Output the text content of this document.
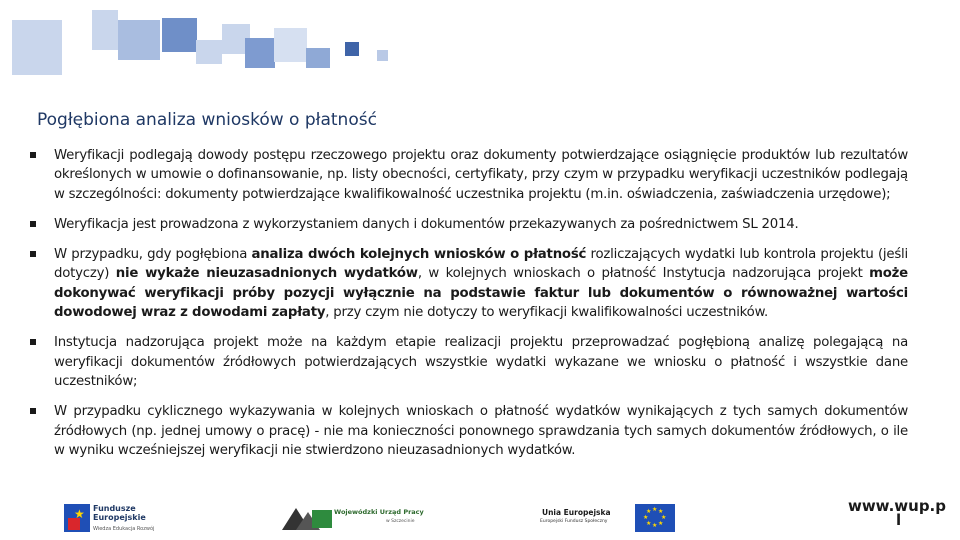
Pogłębiona analiza wniosków o płatność
Weryfikacji podlegają dowody postępu rzeczowego projektu oraz dokumenty potwierdzające osiągnięcie produktów lub rezultatów określonych w umowie o dofinansowanie, np. listy obecności, certyfikaty, przy czym w przypadku weryfikacji uczestników podlegają w szczególności: dokumenty potwierdzające kwalifikowalność uczestnika projektu (m.in. oświadczenia, zaświadczenia urzędowe);
Weryfikacja jest prowadzona z wykorzystaniem danych i dokumentów przekazywanych za pośrednictwem SL 2014.
W przypadku, gdy pogłębiona analiza dwóch kolejnych wniosków o płatność rozliczających wydatki lub kontrola projektu (jeśli dotyczy) nie wykaże nieuzasadnionych wydatków, w kolejnych wnioskach o płatność Instytucja nadzorująca projekt może dokonywać weryfikacji próby pozycji wyłącznie na podstawie faktur lub dokumentów o równoważnej wartości dowodowej wraz z dowodami zapłaty, przy czym nie dotyczy to weryfikacji kwalifikowalności uczestników.
Instytucja nadzorująca projekt może na każdym etapie realizacji projektu przeprowadzać pogłębioną analizę polegającą na weryfikacji dokumentów źródłowych potwierdzających wszystkie wydatki wykazane we wniosku o płatność i wszystkie dane uczestników;
W przypadku cyklicznego wykazywania w kolejnych wnioskach o płatność wydatków wynikających z tych samych dokumentów źródłowych (np. jednej umowy o pracę) - nie ma konieczności ponownego sprawdzania tych samych dokumentów źródłowych, o ile w wyniku wcześniejszej weryfikacji nie stwierdzono nieuzasadnionych wydatków.
★ Fundusze
Europejskie
Wiedza Edukacja Rozwój
Wojewódzki Urząd Pracy
w Szczecinie
Unia Europejska
Europejski Fundusz Społeczny
★ ★
★
★
★
★
★
★	www.wup.p
l
